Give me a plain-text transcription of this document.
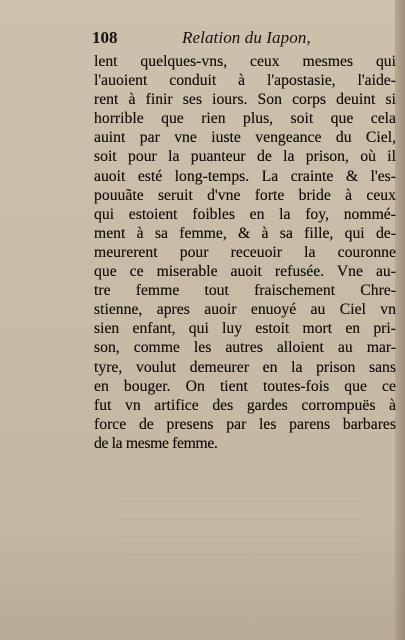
108	Relation du Iapon,
lent quelques-vns, ceux mesmes qui
l'auoient conduit à l'apostasie, l'aide-
rent à finir ses iours. Son corps deuint si
horrible que rien plus, soit que cela
auint par vne iuste vengeance du Ciel,
soit pour la puanteur de la prison, où il
auoit esté long-temps. La crainte & l'es-
pouuãte seruit d'vne forte bride à ceux
qui estoient foibles en la foy, nommé-
ment à sa femme, & à sa fille, qui de-
meurerent pour receuoir la couronne
que ce miserable auoit refusée. Vne au-
tre femme tout fraischement Chre-
stienne, apres auoir enuoyé au Ciel vn
sien enfant, qui luy estoit mort en pri-
son, comme les autres alloient au mar-
tyre, voulut demeurer en la prison sans
en bouger. On tient toutes-fois que ce
fut vn artifice des gardes corrompuës à
force de presens par les parens barbares
de la mesme femme.
